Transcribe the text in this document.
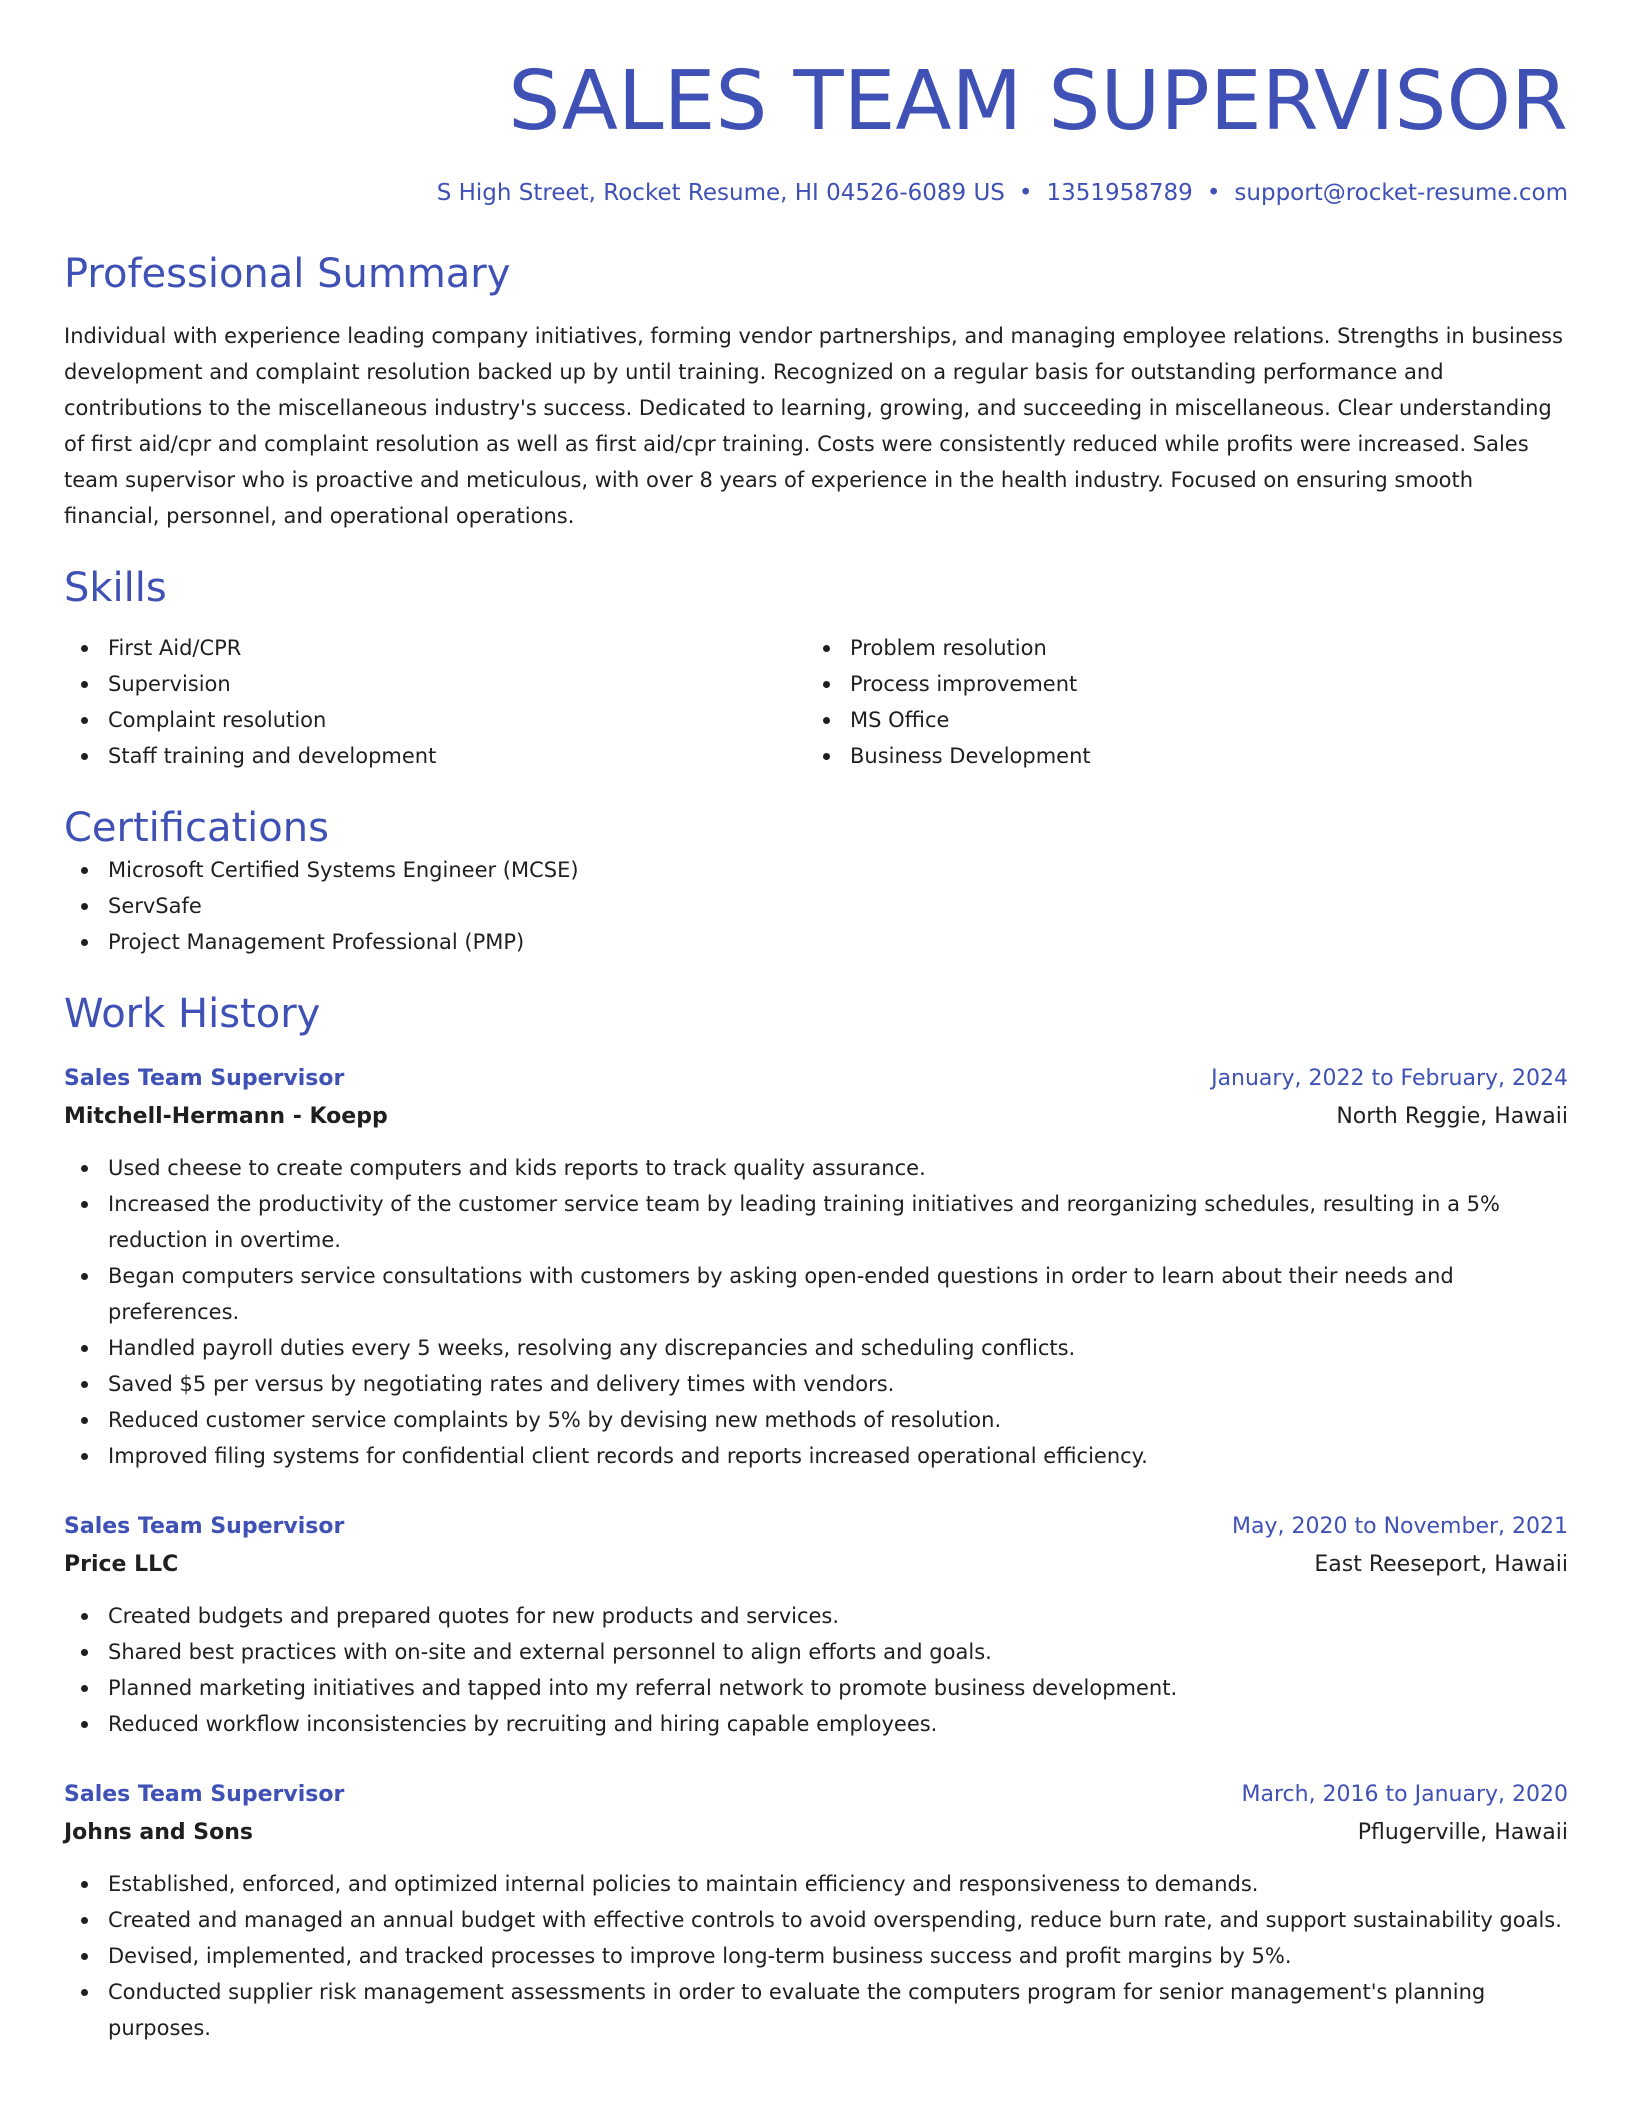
SALES TEAM SUPERVISOR
S High Street, Rocket Resume, HI 04526-6089 US • 1351958789 • support@rocket-resume.com
Professional Summary
Individual with experience leading company initiatives, forming vendor partnerships, and managing employee relations. Strengths in business development and complaint resolution backed up by until training. Recognized on a regular basis for outstanding performance and contributions to the miscellaneous industry's success. Dedicated to learning, growing, and succeeding in miscellaneous. Clear understanding of first aid/cpr and complaint resolution as well as first aid/cpr training. Costs were consistently reduced while profits were increased. Sales team supervisor who is proactive and meticulous, with over 8 years of experience in the health industry. Focused on ensuring smooth financial, personnel, and operational operations.
Skills
First Aid/CPR
Supervision
Complaint resolution
Staff training and development
Problem resolution
Process improvement
MS Office
Business Development
Certifications
Microsoft Certified Systems Engineer (MCSE)
ServSafe
Project Management Professional (PMP)
Work History
Sales Team Supervisor	January, 2022 to February, 2024
Mitchell-Hermann - Koepp	North Reggie, Hawaii
Used cheese to create computers and kids reports to track quality assurance.
Increased the productivity of the customer service team by leading training initiatives and reorganizing schedules, resulting in a 5% reduction in overtime.
Began computers service consultations with customers by asking open-ended questions in order to learn about their needs and preferences.
Handled payroll duties every 5 weeks, resolving any discrepancies and scheduling conflicts.
Saved $5 per versus by negotiating rates and delivery times with vendors.
Reduced customer service complaints by 5% by devising new methods of resolution.
Improved filing systems for confidential client records and reports increased operational efficiency.
Sales Team Supervisor	May, 2020 to November, 2021
Price LLC	East Reeseport, Hawaii
Created budgets and prepared quotes for new products and services.
Shared best practices with on-site and external personnel to align efforts and goals.
Planned marketing initiatives and tapped into my referral network to promote business development.
Reduced workflow inconsistencies by recruiting and hiring capable employees.
Sales Team Supervisor	March, 2016 to January, 2020
Johns and Sons	Pflugerville, Hawaii
Established, enforced, and optimized internal policies to maintain efficiency and responsiveness to demands.
Created and managed an annual budget with effective controls to avoid overspending, reduce burn rate, and support sustainability goals.
Devised, implemented, and tracked processes to improve long-term business success and profit margins by 5%.
Conducted supplier risk management assessments in order to evaluate the computers program for senior management's planning purposes.
